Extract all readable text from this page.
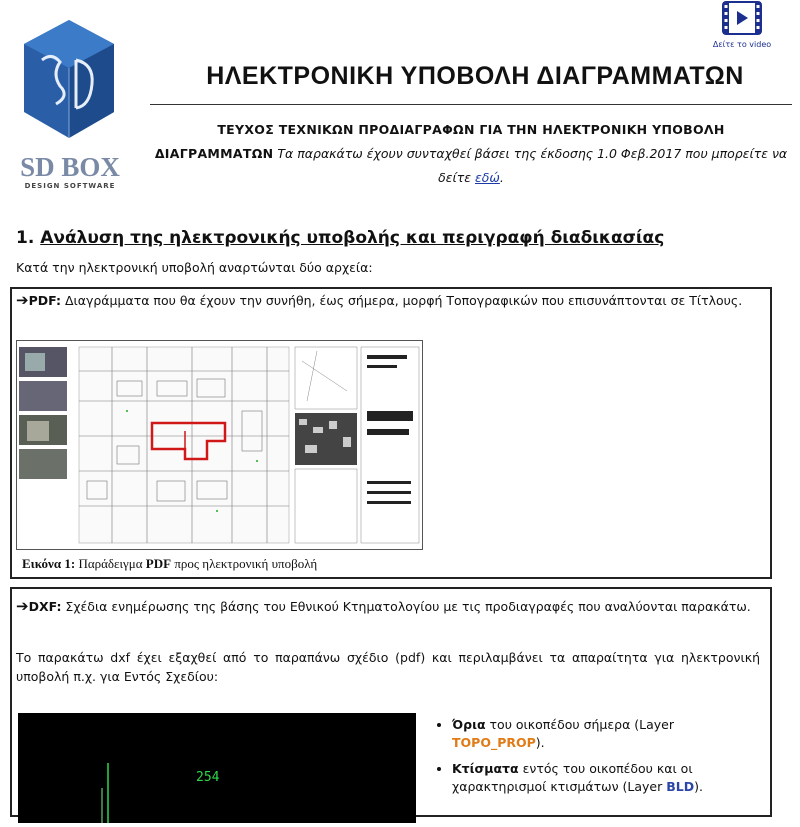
SD BOX
DESIGN SOFTWARE
Δείτε το video
ΗΛΕΚΤΡΟΝΙΚΗ ΥΠΟΒΟΛΗ ΔΙΑΓΡΑΜΜΑΤΩΝ
ΤΕΥΧΟΣ ΤΕΧΝΙΚΩΝ ΠΡΟΔΙΑΓΡΑΦΩΝ ΓΙΑ ΤΗΝ ΗΛΕΚΤΡΟΝΙΚΗ ΥΠΟΒΟΛΗ
ΔΙΑΓΡΑΜΜΑΤΩΝ Τα παρακάτω έχουν συνταχθεί βάσει της έκδοσης 1.0 Φεβ.2017 που μπορείτε να δείτε εδώ.
1. Ανάλυση της ηλεκτρονικής υποβολής και περιγραφή διαδικασίας
Κατά την ηλεκτρονική υποβολή αναρτώνται δύο αρχεία:
➔PDF: Διαγράμματα που θα έχουν την συνήθη, έως σήμερα, μορφή Τοπογραφικών που επισυνάπτονται σε Τίτλους.
Εικόνα 1: Παράδειγμα PDF προς ηλεκτρονική υποβολή
➔DXF: Σχέδια ενημέρωσης της βάσης του Εθνικού Κτηματολογίου με τις προδιαγραφές που αναλύονται παρακάτω.
Το παρακάτω dxf έχει εξαχθεί από το παραπάνω σχέδιο (pdf) και περιλαμβάνει τα απαραίτητα για ηλεκτρονική υποβολή π.χ. για Εντός Σχεδίου:
254
• Όρια του οικοπέδου σήμερα (Layer TOPO_PROP).
• Κτίσματα εντός του οικοπέδου και οι χαρακτηρισμοί κτισμάτων (Layer BLD).
